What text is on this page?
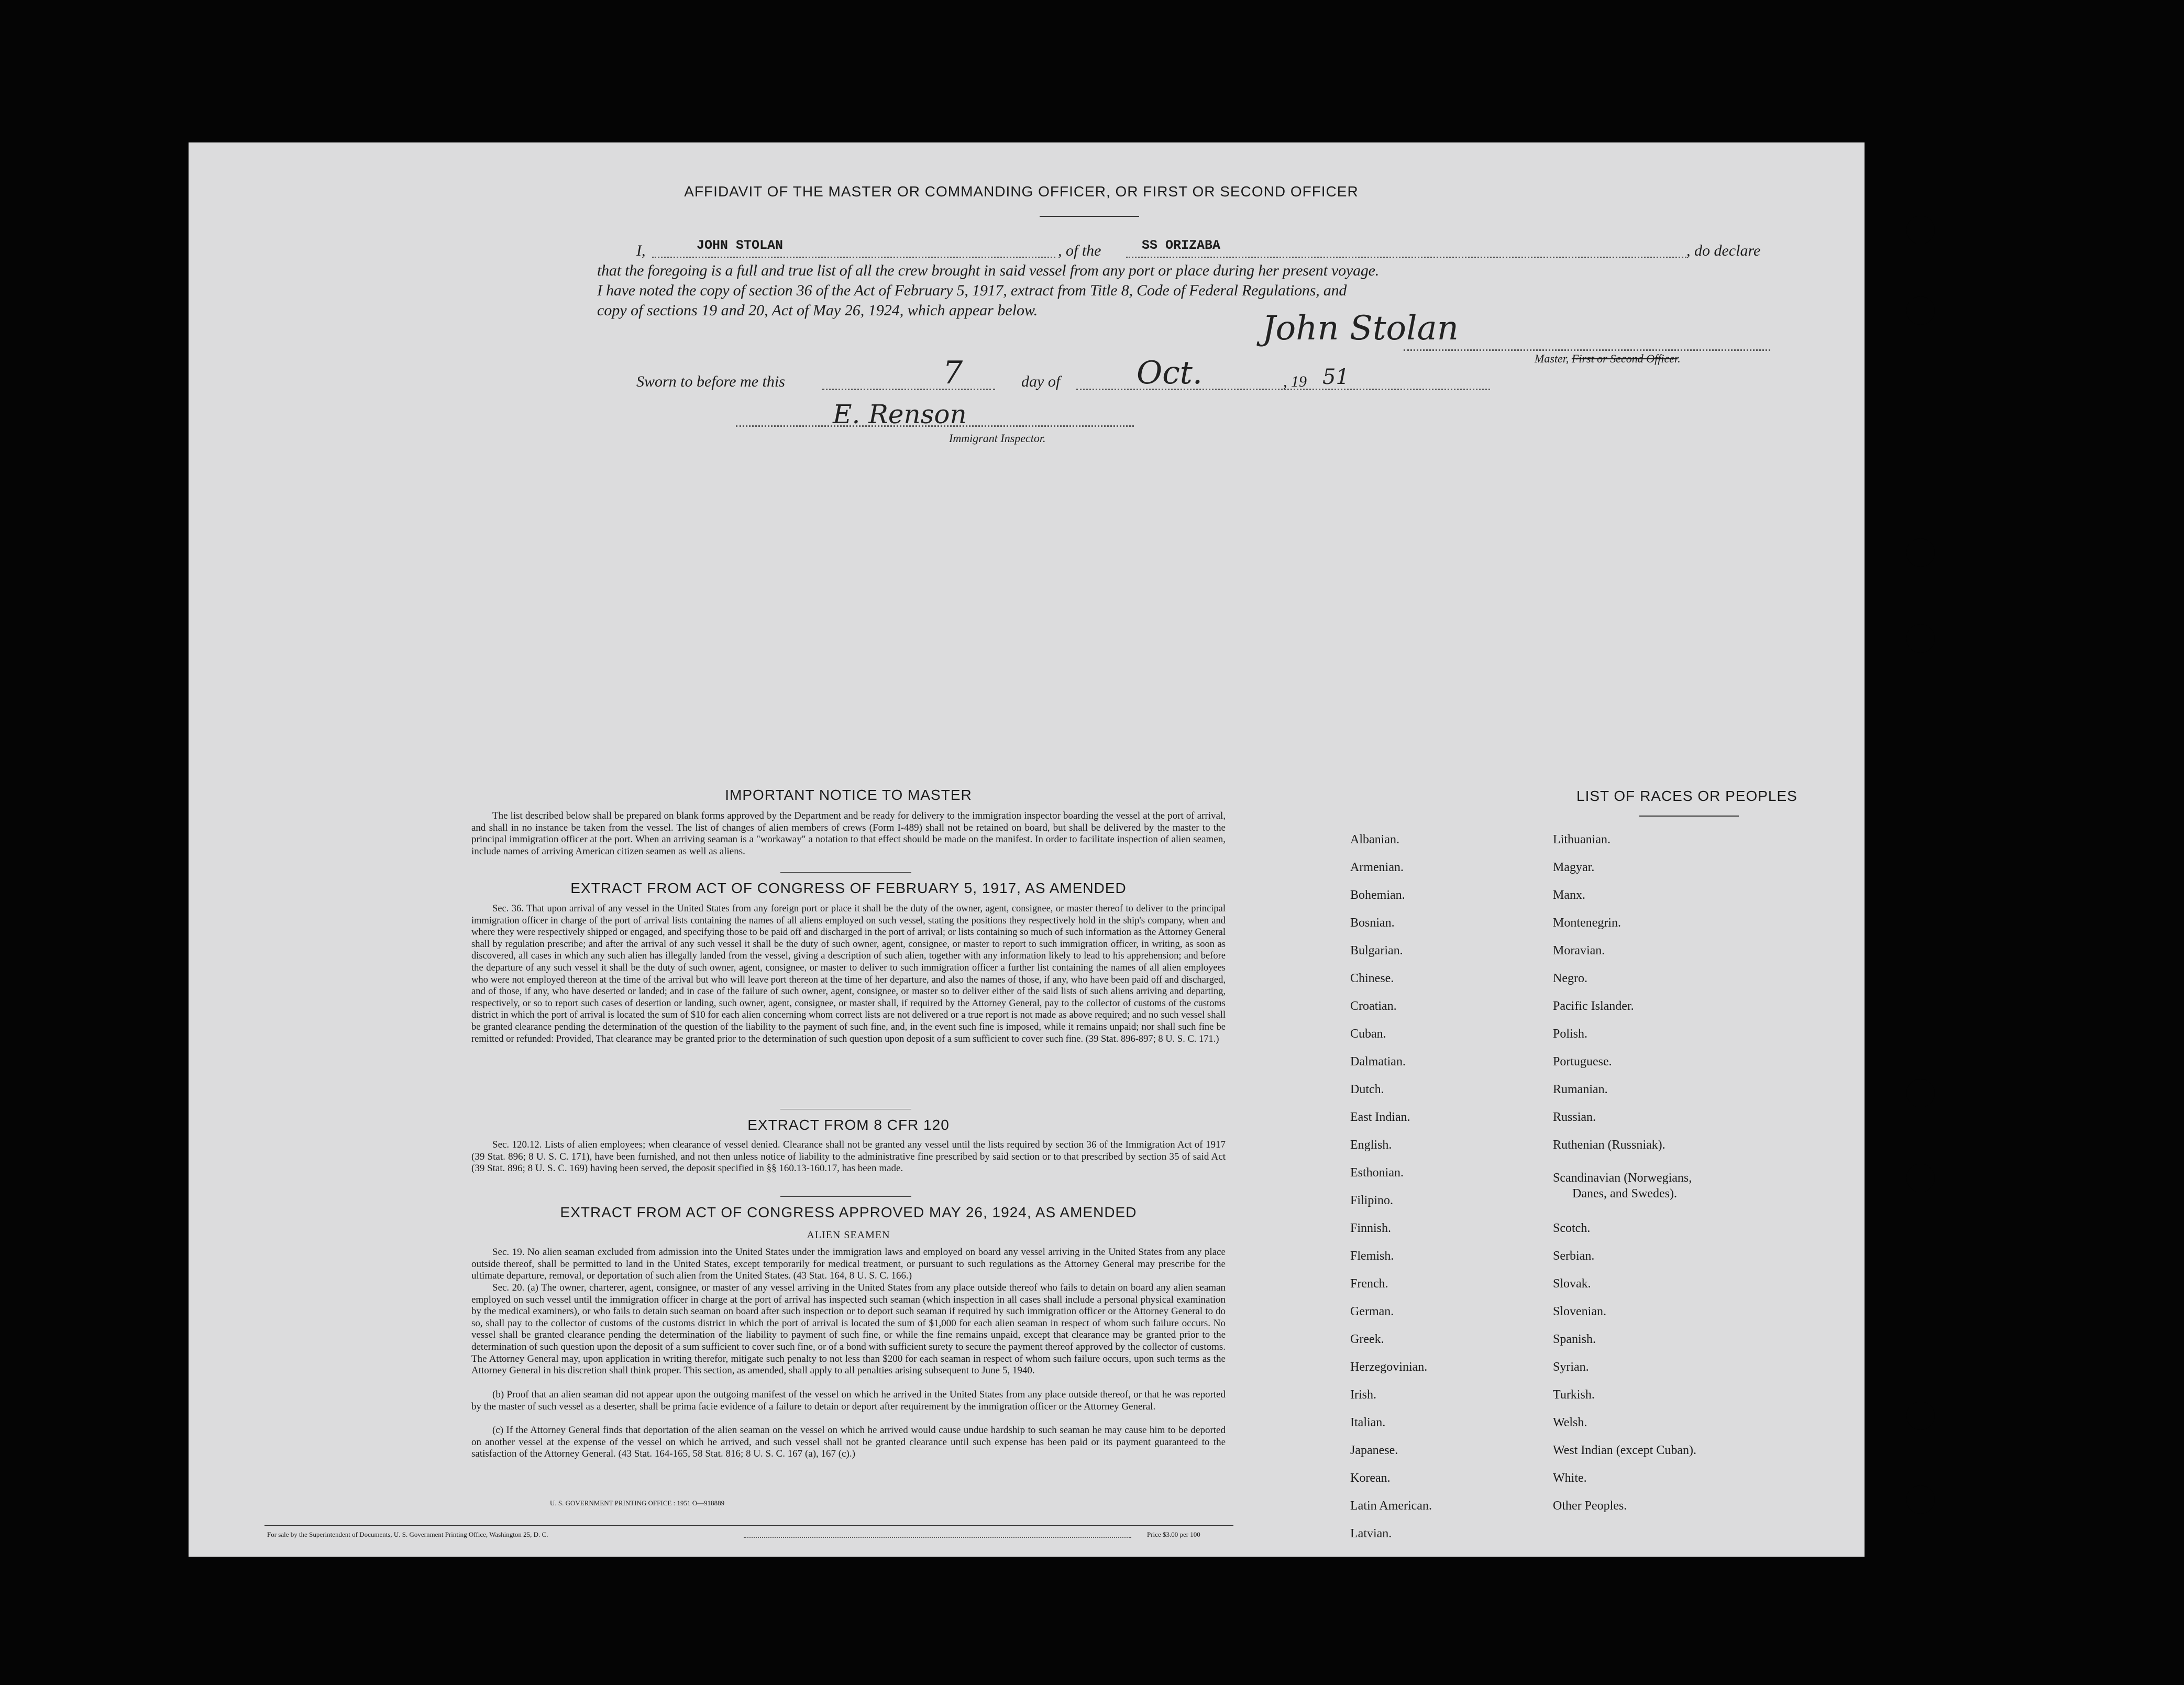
AFFIDAVIT OF THE MASTER OR COMMANDING OFFICER, OR FIRST OR SECOND OFFICER
I,	JOHN STOLAN	, of the	SS ORIZABA	, do declare
that the foregoing is a full and true list of all the crew brought in said vessel from any port or place during her present voyage.
I have noted the copy of section 36 of the Act of February 5, 1917, extract from Title 8, Code of Federal Regulations, and
copy of sections 19 and 20, Act of May 26, 1924, which appear below.	John Stolan
Master, First or Second Officer.
Sworn to before me this	7	day of Oct.	, 19 51
E. Renson
Immigrant Inspector.
IMPORTANT NOTICE TO MASTER
The list described below shall be prepared on blank forms approved by the Department and be ready for delivery to the immigration inspector boarding the vessel at the port of arrival, and shall in no instance be taken from the vessel. The list of changes of alien members of crews (Form I-489) shall not be retained on board, but shall be delivered by the master to the principal immigration officer at the port. When an arriving seaman is a "workaway" a notation to that effect should be made on the manifest. In order to facilitate inspection of alien seamen, include names of arriving American citizen seamen as well as aliens.
EXTRACT FROM ACT OF CONGRESS OF FEBRUARY 5, 1917, AS AMENDED
Sec. 36. That upon arrival of any vessel in the United States from any foreign port or place it shall be the duty of the owner, agent, consignee, or master thereof to deliver to the principal immigration officer in charge of the port of arrival lists containing the names of all aliens employed on such vessel, stating the positions they respectively hold in the ship's company, when and where they were respectively shipped or engaged, and specifying those to be paid off and discharged in the port of arrival; or lists containing so much of such information as the Attorney General shall by regulation prescribe; and after the arrival of any such vessel it shall be the duty of such owner, agent, consignee, or master to report to such immigration officer, in writing, as soon as discovered, all cases in which any such alien has illegally landed from the vessel, giving a description of such alien, together with any information likely to lead to his apprehension; and before the departure of any such vessel it shall be the duty of such owner, agent, consignee, or master to deliver to such immigration officer a further list containing the names of all alien employees who were not employed thereon at the time of the arrival but who will leave port thereon at the time of her departure, and also the names of those, if any, who have been paid off and discharged, and of those, if any, who have deserted or landed; and in case of the failure of such owner, agent, consignee, or master so to deliver either of the said lists of such aliens arriving and departing, respectively, or so to report such cases of desertion or landing, such owner, agent, consignee, or master shall, if required by the Attorney General, pay to the collector of customs of the customs district in which the port of arrival is located the sum of $10 for each alien concerning whom correct lists are not delivered or a true report is not made as above required; and no such vessel shall be granted clearance pending the determination of the question of the liability to the payment of such fine, and, in the event such fine is imposed, while it remains unpaid; nor shall such fine be remitted or refunded: Provided, That clearance may be granted prior to the determination of such question upon deposit of a sum sufficient to cover such fine. (39 Stat. 896-897; 8 U. S. C. 171.)
EXTRACT FROM 8 CFR 120
Sec. 120.12. Lists of alien employees; when clearance of vessel denied. Clearance shall not be granted any vessel until the lists required by section 36 of the Immigration Act of 1917 (39 Stat. 896; 8 U. S. C. 171), have been furnished, and not then unless notice of liability to the administrative fine prescribed by said section or to that prescribed by section 35 of said Act (39 Stat. 896; 8 U. S. C. 169) having been served, the deposit specified in §§ 160.13-160.17, has been made.
EXTRACT FROM ACT OF CONGRESS APPROVED MAY 26, 1924, AS AMENDED
ALIEN SEAMEN
Sec. 19. No alien seaman excluded from admission into the United States under the immigration laws and employed on board any vessel arriving in the United States from any place outside thereof, shall be permitted to land in the United States, except temporarily for medical treatment, or pursuant to such regulations as the Attorney General may prescribe for the ultimate departure, removal, or deportation of such alien from the United States. (43 Stat. 164, 8 U. S. C. 166.)
Sec. 20. (a) The owner, charterer, agent, consignee, or master of any vessel arriving in the United States from any place outside thereof who fails to detain on board any alien seaman employed on such vessel until the immigration officer in charge at the port of arrival has inspected such seaman (which inspection in all cases shall include a personal physical examination by the medical examiners), or who fails to detain such seaman on board after such inspection or to deport such seaman if required by such immigration officer or the Attorney General to do so, shall pay to the collector of customs of the customs district in which the port of arrival is located the sum of $1,000 for each alien seaman in respect of whom such failure occurs. No vessel shall be granted clearance pending the determination of the liability to payment of such fine, or while the fine remains unpaid, except that clearance may be granted prior to the determination of such question upon the deposit of a sum sufficient to cover such fine, or of a bond with sufficient surety to secure the payment thereof approved by the collector of customs. The Attorney General may, upon application in writing therefor, mitigate such penalty to not less than $200 for each seaman in respect of whom such failure occurs, upon such terms as the Attorney General in his discretion shall think proper. This section, as amended, shall apply to all penalties arising subsequent to June 5, 1940.
(b) Proof that an alien seaman did not appear upon the outgoing manifest of the vessel on which he arrived in the United States from any place outside thereof, or that he was reported by the master of such vessel as a deserter, shall be prima facie evidence of a failure to detain or deport after requirement by the immigration officer or the Attorney General.
(c) If the Attorney General finds that deportation of the alien seaman on the vessel on which he arrived would cause undue hardship to such seaman he may cause him to be deported on another vessel at the expense of the vessel on which he arrived, and such vessel shall not be granted clearance until such expense has been paid or its payment guaranteed to the satisfaction of the Attorney General. (43 Stat. 164-165, 58 Stat. 816; 8 U. S. C. 167 (a), 167 (c).)
U. S. GOVERNMENT PRINTING OFFICE : 1951 O—918889
For sale by the Superintendent of Documents, U. S. Government Printing Office, Washington 25, D. C.	Price $3.00 per 100
LIST OF RACES OR PEOPLES
Albanian.
Armenian.
Bohemian.
Bosnian.
Bulgarian.
Chinese.
Croatian.
Cuban.
Dalmatian.
Dutch.
East Indian.
English.
Esthonian.
Filipino.
Finnish.
Flemish.
French.
German.
Greek.
Herzegovinian.
Irish.
Italian.
Japanese.
Korean.
Latin American.
Latvian.
Lithuanian.
Magyar.
Manx.
Montenegrin.
Moravian.
Negro.
Pacific Islander.
Polish.
Portuguese.
Rumanian.
Russian.
Ruthenian (Russniak).
Scandinavian (Norwegians,
Danes, and Swedes).
Scotch.
Serbian.
Slovak.
Slovenian.
Spanish.
Syrian.
Turkish.
Welsh.
West Indian (except Cuban).
White.
Other Peoples.
